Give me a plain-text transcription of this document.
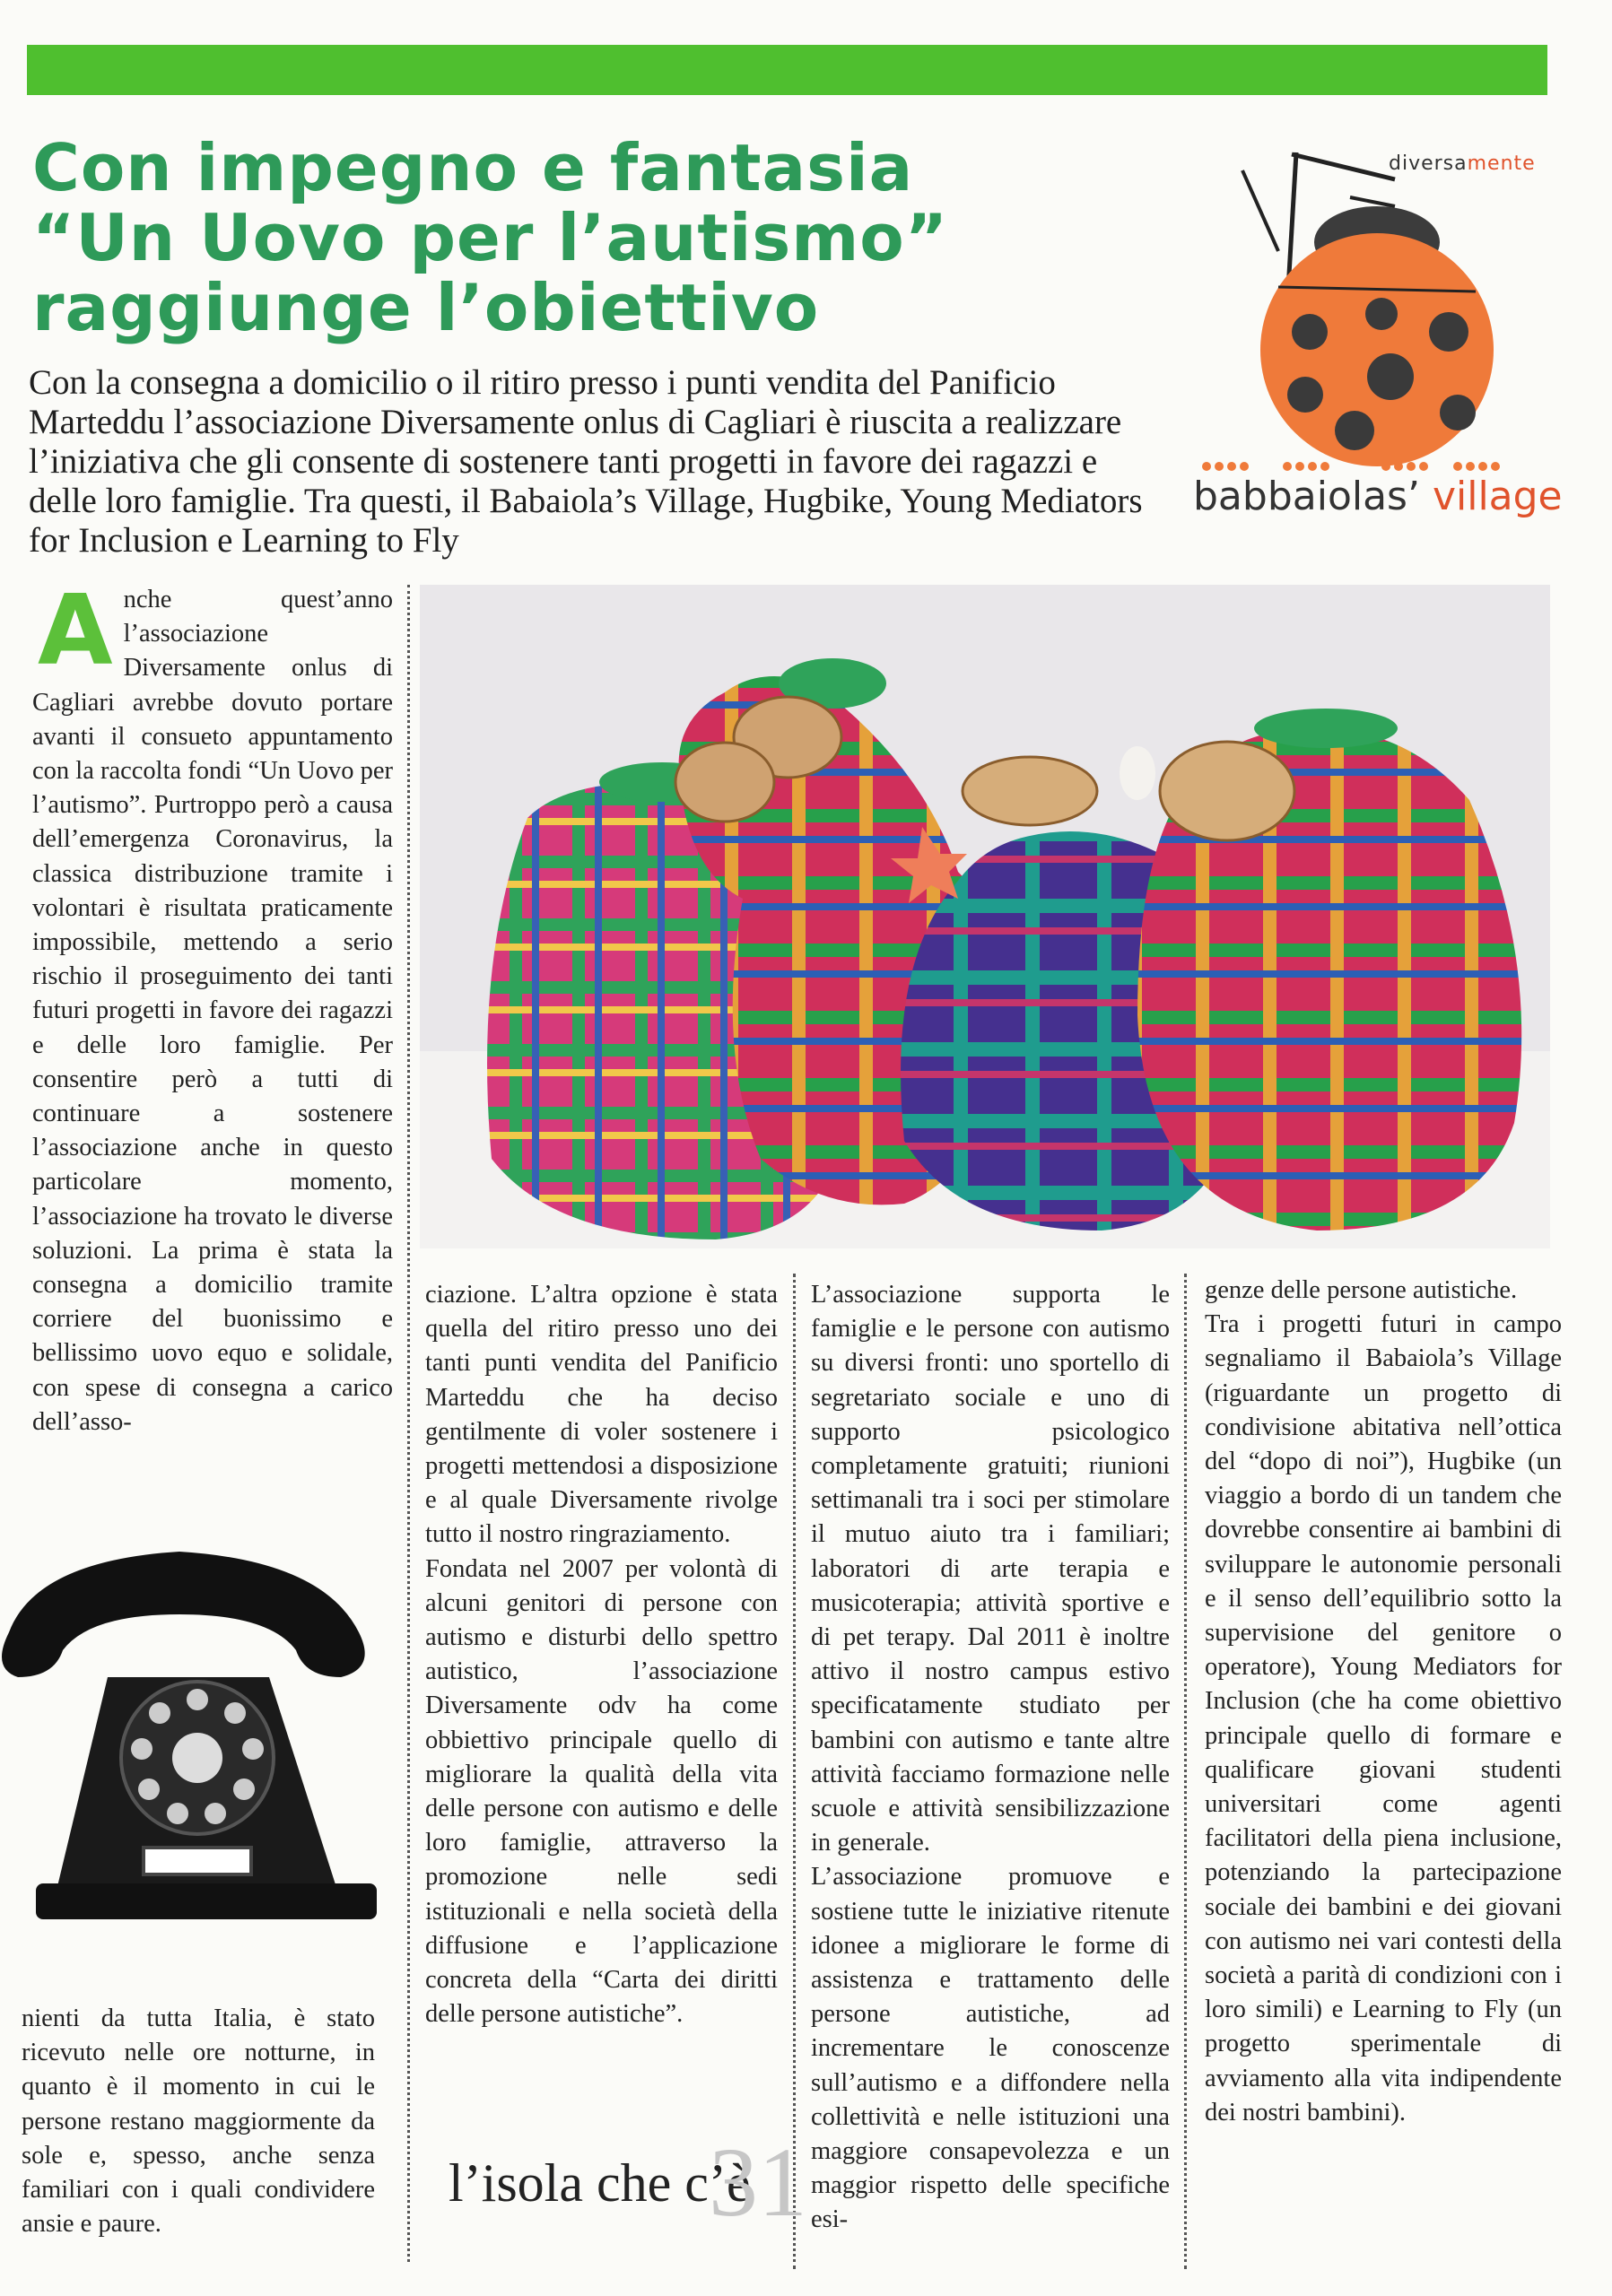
Con impegno e fantasia
“Un Uovo per l’autismo”
raggiunge l’obiettivo
Con la consegna a domicilio o il ritiro presso i punti vendita del Panificio Marteddu l’associazione Diversamente onlus di Cagliari è riuscita a realizzare l’iniziativa che gli consente di sostenere tanti progetti in favore dei ragazzi e delle loro famiglie. Tra questi, il Babaiola’s Village, Hugbike, Young Mediators for Inclusion e Learning to Fly
diversamente
babbaiolas’ village
A nche quest’anno l’associazione Diversamente onlus di Cagliari avrebbe dovuto portare avanti il consueto appuntamento con la raccolta fondi “Un Uovo per l’autismo”. Purtroppo però a causa dell’emergenza Coronavirus, la classica distribuzione tramite i volontari è risultata praticamente impossibile, mettendo a serio rischio il proseguimento dei tanti futuri progetti in favore dei ragazzi e delle loro famiglie. Per consentire però a tutti di continuare a sostenere l’associazione anche in questo particolare momento, l’associazione ha trovato le diverse soluzioni. La prima è stata la consegna a domicilio tramite corriere del buonissimo e bellissimo uovo equo e solidale, con spese di consegna a carico dell’asso-

nienti da tutta Italia, è stato ricevuto nelle ore notturne, in quanto è il momento in cui le persone restano maggiormente da sole e, spesso, anche senza familiari con i quali condividere ansie e paure.

ciazione. L’altra opzione è stata quella del ritiro presso uno dei tanti punti vendita del Panificio Marteddu che ha deciso gentilmente di voler sostenere i progetti mettendosi a disposizione e al quale Diversamente rivolge tutto il nostro ringraziamento.

Fondata nel 2007 per volontà di alcuni genitori di persone con autismo e disturbi dello spettro autistico, l’associazione Diversamente odv ha come obbiettivo principale quello di migliorare la qualità della vita delle persone con autismo e delle loro famiglie, attraverso la promozione nelle sedi istituzionali e nella società della diffusione e l’applicazione concreta della “Carta dei diritti delle persone autistiche”.

L’associazione supporta le famiglie e le persone con autismo su diversi fronti: uno sportello di segretariato sociale e uno di supporto psicologico completamente gratuiti; riunioni settimanali tra i soci per stimolare il mutuo aiuto tra i familiari; laboratori di arte terapia e musicoterapia; attività sportive e di pet terapy. Dal 2011 è inoltre attivo il nostro campus estivo specificatamente studiato per bambini con autismo e tante altre attività facciamo formazione nelle scuole e attività sensibilizzazione in generale.

L’associazione promuove e sostiene tutte le iniziative ritenute idonee a migliorare le forme di assistenza e trattamento delle persone autistiche, ad incrementare le conoscenze sull’autismo e a diffondere nella collettività e nelle istituzioni una maggiore consapevolezza e un maggior rispetto delle specifiche esi-

genze delle persone autistiche.

Tra i progetti futuri in campo segnaliamo il Babaiola’s Village (riguardante un progetto di condivisione abitativa nell’ottica del “dopo di noi”), Hugbike (un viaggio a bordo di un tandem che dovrebbe consentire ai bambini di sviluppare le autonomie personali e il senso dell’equilibrio sotto la supervisione del genitore o operatore), Young Mediators for Inclusion (che ha come obiettivo principale quello di formare e qualificare giovani studenti universitari come agenti facilitatori della piena inclusione, potenziando la partecipazione sociale dei bambini e dei giovani con autismo nei vari contesti della società a parità di condizioni con i loro simili) e Learning to Fly (un progetto sperimentale di avviamento alla vita indipendente dei nostri bambini).

l’isola che c’è
31
